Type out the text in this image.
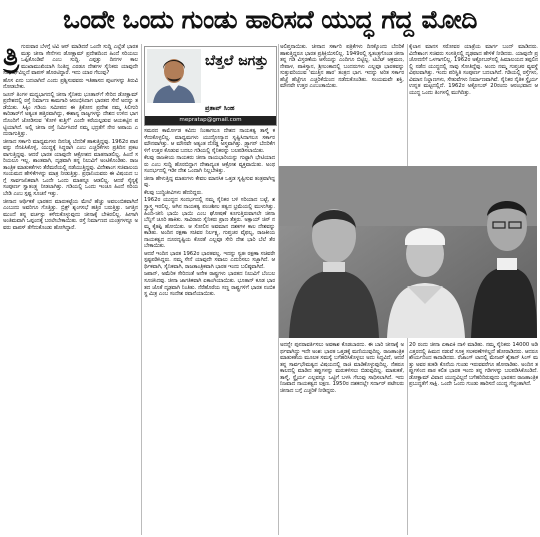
ಒಂದೇ ಒಂದು ಗುಂಡು ಹಾರಿಸದೆ ಯುದ್ಧ ಗೆದ್ದ ಮೋದಿ
ತ್ರಿ ಗುರುವಾರ ಬೆಳಗ್ಗೆ ಟಿವಿ ಆನ್ ಮಾಡಿದರೆ ಒಂದೇ ಸುದ್ದಿ ಎಲ್ಲೆಡೆ ಭಾರತ ಮತ್ತು ಚೀನಾ ಸೇನೆಗಳು ಡೋಕ್ಲಾಮ್ ಪ್ರದೇಶದಿಂದ ಹಿಂದೆ ಸರಿಯಲು ಒಪ್ಪಿಕೊಂಡಿವೆ ಎಂಬ ಸುದ್ದಿ. ಎಪ್ಪತ್ತು ದಿನಗಳ ಕಾಲ ಮುಖಾಮುಖಿಯಾಗಿ ನಿಂತಿದ್ದ ಎರಡೂ ದೇಶಗಳ ಸೈನಿಕರು ಯಾವುದೇ ಸಂಘರ್ಷವಿಲ್ಲದೆ ವಾಪಸ್ ಹೊರಟಿದ್ದಾರೆ. ಇದು ಯಾರ ಗೆಲುವು?

ಹೊಸ ಏನು ಬದಲಾಗಿದೆ ಎಂದು ಪ್ರಶ್ನಿಸುವವರು ಇತಿಹಾಸದ ಪುಟಗಳನ್ನು ತಿರುವಿ ನೋಡಬೇಕು.

ಜೂನ್ ತಿಂಗಳ ಮಧ್ಯಭಾಗದಲ್ಲಿ ಚೀನಾ ಸೈನಿಕರು ಭೂತಾನ್‌ಗೆ ಸೇರಿದ ಡೋಕ್ಲಾಮ್ ಪ್ರದೇಶದಲ್ಲಿ ರಸ್ತೆ ನಿರ್ಮಾಣ ಕಾಮಗಾರಿ ಆರಂಭಿಸಿದಾಗ ಭಾರತದ ಸೇನೆ ಅದನ್ನು ತಡೆಯಿತು. ಸಿಕ್ಕಿಂ ಗಡಿಯ ಸಮೀಪದ ಈ ತ್ರಿಕೋನ ಪ್ರದೇಶ ನಮ್ಮ ಸಿಲಿಗುರಿ ಕಾರಿಡಾರ್‌ಗೆ ಅತ್ಯಂತ ಹತ್ತಿರವಾಗಿದ್ದು, ಈಶಾನ್ಯ ರಾಜ್ಯಗಳನ್ನು ದೇಶದ ಉಳಿದ ಭಾಗದೊಂದಿಗೆ ಜೋಡಿಸುವ 'ಕೋಳಿ ಕುತ್ತಿಗೆ' ಎಂದೇ ಕರೆಯಲ್ಪಡುವ ಆಯಕಟ್ಟಿನ ಪಟ್ಟಿಯಾಗಿದೆ. ಅಲ್ಲಿ ಚೀನಾ ರಸ್ತೆ ನಿರ್ಮಿಸಿದರೆ ನಮ್ಮ ಭದ್ರತೆಗೆ ನೇರ ಅಪಾಯ ಎದುರಾಗುತ್ತಿತ್ತು.

ಚೀನಾದ ಸರ್ಕಾರಿ ಮಾಧ್ಯಮಗಳು ದಿನನಿತ್ಯ ಬೆದರಿಕೆ ಹಾಕುತ್ತಿದ್ದವು. 1962ರ ಪಾಠವನ್ನು ನೆನಪಿಸಿಕೊಳ್ಳಿ, ಯುದ್ಧಕ್ಕೆ ಸಿದ್ಧರಾಗಿ ಎಂಬ ಎಚ್ಚರಿಕೆಗಳು ಪ್ರತಿದಿನ ಪ್ರಕಟವಾಗುತ್ತಿದ್ದವು. ಆದರೆ ಭಾರತ ಯಾವುದೇ ಆಕ್ರೋಶದ ಮಾತನಾಡಲಿಲ್ಲ, ಹಿಂದೆ ಸರಿಯಲೂ ಇಲ್ಲ. ಶಾಂತವಾಗಿ, ದೃಢವಾಗಿ ತನ್ನ ನಿಲುವಿಗೆ ಅಂಟಿಕೊಂಡಿತು. ರಾಜತಾಂತ್ರಿಕ ಮಾತುಕತೆಗಳು ತೆರೆಮರೆಯಲ್ಲಿ ನಡೆಯುತ್ತಿದ್ದವು. ವಿದೇಶಾಂಗ ಸಚಿವಾಲಯ ಸಂಯಮದ ಹೇಳಿಕೆಗಳನ್ನು ಮಾತ್ರ ನೀಡುತ್ತಿತ್ತು. ಪ್ರಧಾನಿಯವರು ಈ ವಿಷಯದ ಬಗ್ಗೆ ಸಾರ್ವಜನಿಕವಾಗಿ ಒಂದೇ ಒಂದು ಮಾತನ್ನೂ ಆಡಲಿಲ್ಲ. ಆದರೆ ಸೈನ್ಯಕ್ಕೆ ಸಂಪೂರ್ಣ ಸ್ವಾತಂತ್ರ್ಯ ನೀಡಲಾಗಿತ್ತು. ಗಡಿಯಲ್ಲಿ ಒಂದು ಇಂಚೂ ಹಿಂದೆ ಸರಿಯಬೇಡಿ ಎಂಬ ಸ್ಪಷ್ಟ ಸೂಚನೆ ಇತ್ತು.

ಚೀನಾದ ಆರ್ಥಿಕತೆ ಭಾರತದ ಮಾರುಕಟ್ಟೆಯ ಮೇಲೆ ಹೆಚ್ಚು ಅವಲಂಬಿತವಾಗಿದೆ ಎಂಬುದು ಅವರಿಗೂ ಗೊತ್ತಿತ್ತು. ಬ್ರಿಕ್ಸ್ ಶೃಂಗಸಭೆ ಹತ್ತಿರ ಬರುತ್ತಿತ್ತು. ಜಗತ್ತಿನ ಮುಂದೆ ತನ್ನ ವರ್ಚಸ್ಸು ಕಳೆದುಕೊಳ್ಳುವುದು ಚೀನಾಕ್ಕೆ ಬೇಕಿರಲಿಲ್ಲ. ಹೀಗಾಗಿ ಅಂತಿಮವಾಗಿ ಒಪ್ಪಂದಕ್ಕೆ ಬರಲೇಬೇಕಾಯಿತು. ರಸ್ತೆ ನಿರ್ಮಾಣದ ಯಂತ್ರಗಳನ್ನೂ ಅವರು ವಾಪಸ್ ತೆಗೆದುಕೊಂಡು ಹೋಗಿದ್ದಾರೆ.

ಬೆತ್ತಲೆ ಜಗತ್ತು
ಪ್ರತಾಪ್ ಸಿಂಹ
mepratap@gmail.com

ಸಮರದ ಕಾರ್ಮೋಡ ಕವಿದು ನಿಂತಾಗಲೂ ದೇಶದ ನಾಯಕತ್ವ ತಾಳ್ಮೆ ಕಳೆದುಕೊಳ್ಳಲಿಲ್ಲ. ಮಾಧ್ಯಮಗಳು ಯುದ್ಧೋನ್ಮಾದ ಸೃಷ್ಟಿಸಿದಾಗಲೂ ಸರ್ಕಾರ ಮೌನವಾಗಿತ್ತು. ಆ ಮೌನವೇ ಅತ್ಯಂತ ದೊಡ್ಡ ಅಸ್ತ್ರವಾಗಿತ್ತು. ಡ್ರ್ಯಾಗನ್ ಬೆದರಿಕೆಗಳಿಗೆ ಉತ್ತರ ಕೊಡುವ ಬದಲು ಗಡಿಯಲ್ಲಿ ಸೈನಿಕರನ್ನು ಬಲಪಡಿಸಲಾಯಿತು.

ಕೆಲವು ರಾಜಕೀಯ ನಾಯಕರು ಚೀನಾ ರಾಯಭಾರಿಯನ್ನು ಗುಟ್ಟಾಗಿ ಭೇಟಿಯಾದರು ಎಂಬ ಸುದ್ದಿ ಹೊರಬಿದ್ದಾಗ ದೇಶಾದ್ಯಂತ ಆಕ್ರೋಶ ವ್ಯಕ್ತವಾಯಿತು. ಅಂಥ ಸಂದರ್ಭದಲ್ಲಿ ಇಡೀ ದೇಶ ಒಂದಾಗಿ ನಿಲ್ಲಬೇಕಿತ್ತು.

ಚೀನಾ ಹೇಳುತ್ತಿದ್ದ ಮಾತುಗಳು ಕೇವಲ ಮಾನಸಿಕ ಒತ್ತಡ ಸೃಷ್ಟಿಸುವ ತಂತ್ರವಾಗಿದ್ದವು.

ಕೆಲವು ಬುದ್ಧಿಜೀವಿಗಳು ಹೆದರಿದ್ದರು.

1962ರ ಯುದ್ಧದ ಸಂದರ್ಭದಲ್ಲಿ ನಮ್ಮ ಸೈನಿಕರ ಬಳಿ ಸರಿಯಾದ ಬಟ್ಟೆ, ಶಸ್ತ್ರಾಸ್ತ್ರ ಇರಲಿಲ್ಲ. ಆಗಿನ ನಾಯಕತ್ವ ಪಂಚಶೀಲ ತತ್ವದ ಭ್ರಮೆಯಲ್ಲಿ ಮುಳುಗಿತ್ತು. ಹಿಂದಿ-ಚೀನಿ ಭಾಯಿ ಭಾಯಿ ಎಂಬ ಘೋಷಣೆ ಕೂಗುತ್ತಿರುವಾಗಲೇ ಚೀನಾ ಬೆನ್ನಿಗೆ ಚೂರಿ ಹಾಕಿತು. ಸಾವಿರಾರು ಸೈನಿಕರು ಪ್ರಾಣ ತೆತ್ತರು. ಅಕ್ಸಾಯ್ ಚಿನ್ ನಮ್ಮ ಕೈತಪ್ಪಿ ಹೋಯಿತು. ಆ ಸೋಲಿನ ಅವಮಾನ ದಶಕಗಳ ಕಾಲ ದೇಶವನ್ನು ಕಾಡಿತು. ಅಂದಿನ ರಕ್ಷಣಾ ಸಚಿವರ ನಿರ್ಲಕ್ಷ್ಯ, ಗುಪ್ತಚರ ವೈಫಲ್ಯ, ರಾಜಕೀಯ ನಾಯಕತ್ವದ ದೂರದೃಷ್ಟಿಯ ಕೊರತೆ ಎಲ್ಲವೂ ಸೇರಿ ದೇಶ ಭಾರಿ ಬೆಲೆ ತೆರಬೇಕಾಯಿತು.

ಆದರೆ ಇಂದಿನ ಭಾರತ 1962ರ ಭಾರತವಲ್ಲ. ಇದನ್ನು ಸ್ವತಃ ರಕ್ಷಣಾ ಸಚಿವರೇ ಸ್ಪಷ್ಟಪಡಿಸಿದ್ದರು. ನಮ್ಮ ಸೇನೆ ಯಾವುದೇ ಸವಾಲು ಎದುರಿಸಲು ಸಜ್ಜಾಗಿದೆ. ಆರ್ಥಿಕವಾಗಿ, ಸೈನಿಕವಾಗಿ, ರಾಜತಾಂತ್ರಿಕವಾಗಿ ಭಾರತ ಇಂದು ಬಲಿಷ್ಠವಾಗಿದೆ.

ಜಪಾನ್, ಅಮೆರಿಕ ಸೇರಿದಂತೆ ಅನೇಕ ರಾಷ್ಟ್ರಗಳು ಭಾರತದ ನಿಲುವಿಗೆ ಬೆಂಬಲ ಸೂಚಿಸಿದವು. ಚೀನಾ ಜಾಗತಿಕವಾಗಿ ಏಕಾಂಗಿಯಾಯಿತು. ಭೂತಾನ್ ಕೂಡ ಭಾರತದ ಜೊತೆ ದೃಢವಾಗಿ ನಿಂತಿತು. ನೆರೆಹೊರೆಯ ಸಣ್ಣ ರಾಷ್ಟ್ರಗಳಿಗೆ ಭಾರತ ನಂಬಿಕಸ್ಥ ಮಿತ್ರ ಎಂಬ ಸಂದೇಶ ರವಾನೆಯಾಯಿತು.

ಅಲಿಪ್ತನಾಯಿತು. ಚೀನಾದ ಸರ್ಕಾರಿ ಪತ್ರಿಕೆಗಳು ದಿನಕ್ಕೊಂದು ಬೆದರಿಕೆ ಹಾಕುತ್ತಿದ್ದರೂ ಭಾರತ ಪ್ರತಿಕ್ರಿಯಿಸಲಿಲ್ಲ. 1949ರಲ್ಲಿ ಸ್ವತಂತ್ರಗೊಂಡ ಚೀನಾ ತನ್ನ ಗಡಿ ವಿಸ್ತರಣೆಯ ಆಸೆಯನ್ನು ಎಂದಿಗೂ ಬಿಟ್ಟಿಲ್ಲ. ಟಿಬೆಟ್ ಆಕ್ರಮಣ, ನೇಪಾಳ, ಪಾಕಿಸ್ತಾನ, ಶ್ರೀಲಂಕಾದಲ್ಲಿ ಬಂದರುಗಳು ಎಲ್ಲವೂ ಭಾರತವನ್ನು ಸುತ್ತುವರಿಯುವ 'ಮುತ್ತಿನ ಹಾರ' ತಂತ್ರದ ಭಾಗ. ಇದನ್ನು ಅರಿತ ಸರ್ಕಾರ ಹೆಜ್ಜೆ ಹೆಜ್ಜೆಗೂ ಎಚ್ಚರಿಕೆಯಿಂದ ನಡೆದುಕೊಂಡಿತು. ಸಂಯಮವೇ ಶಕ್ತಿ, ಮೌನವೇ ಉತ್ತರ ಎಂಬಂತಾಯಿತು.

ಅದನ್ನೇ ಪುನರಾವರ್ತಿಸಲು ಅವಕಾಶ ಕೊಡಬಾರದು. ಈ ಬಾರಿ ಚೀನಾಕ್ಕೆ ಅರ್ಥವಾಗಿದ್ದು ಇದೇ ಅಂಶ: ಭಾರತ ಒತ್ತಡಕ್ಕೆ ಮಣಿಯುವುದಿಲ್ಲ. ರಾಜತಾಂತ್ರಿಕ ಮಾತುಕತೆಯ ಮೂಲಕ ಸಮಸ್ಯೆ ಬಗೆಹರಿಸಿಕೊಳ್ಳಲು ಅದು ಸಿದ್ಧವಿದೆ, ಆದರೆ ತನ್ನ ಸಾರ್ವಭೌಮತ್ವದ ವಿಷಯದಲ್ಲಿ ರಾಜಿ ಮಾಡಿಕೊಳ್ಳುವುದಿಲ್ಲ. ನೆಹರೂ ಕಾಲದಲ್ಲಿ ಮಾಡಿದ ತಪ್ಪುಗಳನ್ನು ಮರುಕಳಿಸಲು ಬಿಡುವುದಿಲ್ಲ. ಮಾತುಕತೆ, ತಾಳ್ಮೆ, ಸ್ಥೈರ್ಯ ಎಲ್ಲವನ್ನೂ ಒಟ್ಟಿಗೆ ಬಳಸಿ ಗೆಲುವು ಸಾಧಿಸಲಾಗಿದೆ. ಇದು ನಿಜವಾದ ನಾಯಕತ್ವದ ಲಕ್ಷಣ. 1950ರ ದಶಕದಲ್ಲೇ ಸರ್ದಾರ್ ಪಟೇಲರು ಚೀನಾದ ಬಗ್ಗೆ ಎಚ್ಚರಿಕೆ ನೀಡಿದ್ದರು.

ಕೈಲಾಸ ಮಾನಸ ಸರೋವರ ಯಾತ್ರೆಯ ಮಾರ್ಗ ಬಂದ್ ಮಾಡಿದರು. ವಿದೇಶಾಂಗ ಸಚಿವರು ಸಂಸತ್ತಿನಲ್ಲಿ ದೃಢವಾದ ಹೇಳಿಕೆ ನೀಡಿದರು. ಯಾವುದೇ ಪ್ರಚೋದನೆಗೆ ಒಳಗಾಗಲಿಲ್ಲ. 1962ರ ಅಕ್ಟೋಬರ್‌ನಲ್ಲಿ ಹಿಮಾಲಯದ ತಪ್ಪಲಿನಲ್ಲಿ ನಡೆದ ಯುದ್ಧದಲ್ಲಿ ನಾವು ಸೋತಿದ್ದೆವು. ಅಂದು ನಮ್ಮ ಗುಪ್ತಚರ ವ್ಯವಸ್ಥೆ ವಿಫಲವಾಗಿತ್ತು. ಇಂದು ಪರಿಸ್ಥಿತಿ ಸಂಪೂರ್ಣ ಬದಲಾಗಿದೆ. ಗಡಿಯಲ್ಲಿ ರಸ್ತೆಗಳು, ವಿಮಾನ ನಿಲ್ದಾಣಗಳು, ಸೇತುವೆಗಳು ನಿರ್ಮಾಣವಾಗಿವೆ. ಸೈನಿಕರ ನೈತಿಕ ಸ್ಥೈರ್ಯ ಉನ್ನತ ಮಟ್ಟದಲ್ಲಿದೆ. 1962ರ ಅಕ್ಟೋಬರ್ 20ರಂದು ಆರಂಭವಾದ ಆ ಯುದ್ಧ ಒಂದು ತಿಂಗಳಲ್ಲಿ ಮುಗಿದಿತ್ತು.

20 ರಂದು ಚೀನಾ ಏಕಾಏಕಿ ದಾಳಿ ಮಾಡಿತು. ನಮ್ಮ ಸೈನಿಕರು 14000 ಅಡಿ ಎತ್ತರದಲ್ಲಿ ಹಿಮದ ನಡುವೆ ಸೂಕ್ತ ಸಲಕರಣೆಗಳಿಲ್ಲದೆ ಹೋರಾಡಿದರು. ಆದರೂ ಶೌರ್ಯದಿಂದ ಕಾದಾಡಿದರು. ರೆಜಾಂಗ್ ಲಾದಲ್ಲಿ ಮೇಜರ್ ಶೈತಾನ್ ಸಿಂಗ್ ಮತ್ತು ಅವರ ತುಕಡಿ ಕೊನೆಯ ಗುಂಡು ಇರುವವರೆಗೂ ಹೋರಾಡಿತು. ಅಂದಿನ ತಪ್ಪುಗಳಿಂದ ಪಾಠ ಕಲಿತ ಭಾರತ ಇಂದು ತನ್ನ ಗಡಿಗಳನ್ನು ಬಲಪಡಿಸಿಕೊಂಡಿದೆ. ಡೋಕ್ಲಾಮ್ ವಿವಾದ ಯುದ್ಧವಿಲ್ಲದೆ ಬಗೆಹರಿದಿರುವುದು ಭಾರತದ ರಾಜತಾಂತ್ರಿಕ ಪ್ರಬುದ್ಧತೆಗೆ ಸಾಕ್ಷಿ. ಒಂದೇ ಒಂದು ಗುಂಡು ಹಾರಿಸದೆ ಯುದ್ಧ ಗೆದ್ದಂತಾಗಿದೆ.
